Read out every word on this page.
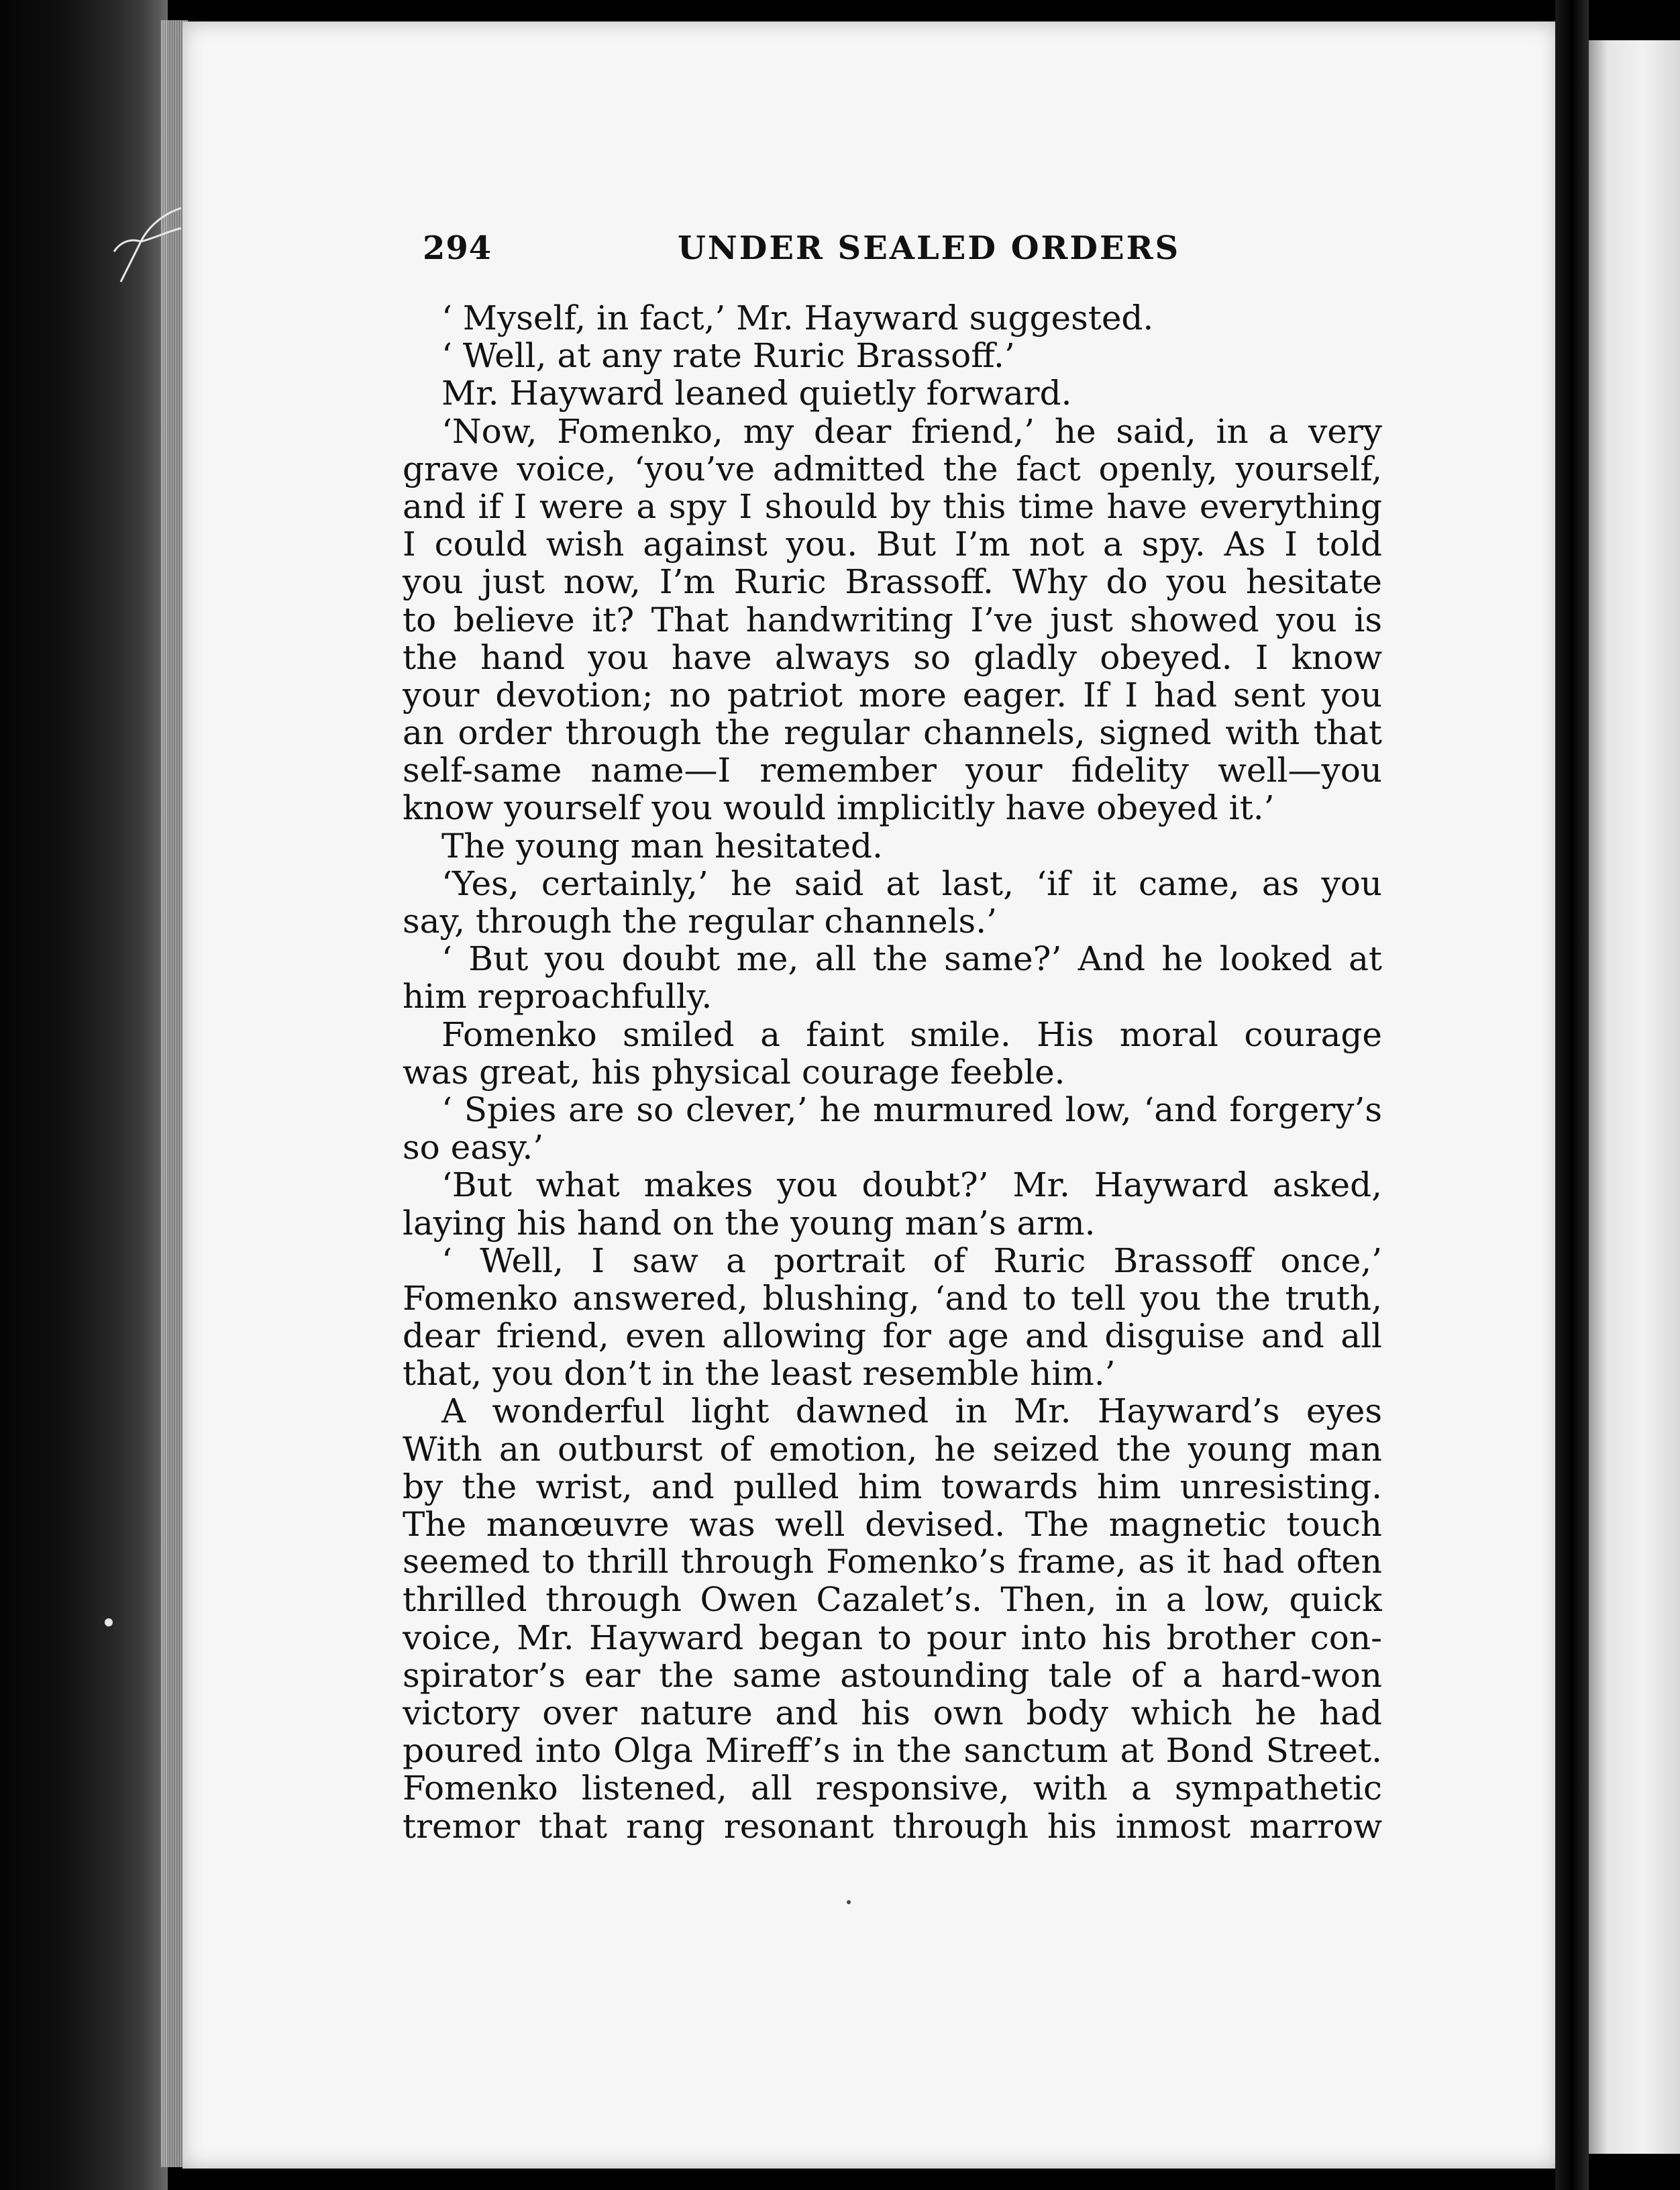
294	UNDER SEALED ORDERS
‘ Myself, in fact,’ Mr. Hayward suggested.
‘ Well, at any rate Ruric Brassoff.’
Mr. Hayward leaned quietly forward.
‘Now, Fomenko, my dear friend,’ he said, in a very
grave voice, ‘you’ve admitted the fact openly, yourself,
and if I were a spy I should by this time have everything
I could wish against you. But I’m not a spy. As I told
you just now, I’m Ruric Brassoff. Why do you hesitate
to believe it? That handwriting I’ve just showed you is
the hand you have always so gladly obeyed. I know
your devotion; no patriot more eager. If I had sent you
an order through the regular channels, signed with that
self-same name—I remember your fidelity well—you
know yourself you would implicitly have obeyed it.’
The young man hesitated.
‘Yes, certainly,’ he said at last, ‘if it came, as you
say, through the regular channels.’
‘ But you doubt me, all the same?’ And he looked at
him reproachfully.
Fomenko smiled a faint smile. His moral courage
was great, his physical courage feeble.
‘ Spies are so clever,’ he murmured low, ‘and forgery’s
so easy.’
‘But what makes you doubt?’ Mr. Hayward asked,
laying his hand on the young man’s arm.
‘ Well, I saw a portrait of Ruric Brassoff once,’
Fomenko answered, blushing, ‘and to tell you the truth,
dear friend, even allowing for age and disguise and all
that, you don’t in the least resemble him.’
A wonderful light dawned in Mr. Hayward’s eyes
With an outburst of emotion, he seized the young man
by the wrist, and pulled him towards him unresisting.
The manœuvre was well devised. The magnetic touch
seemed to thrill through Fomenko’s frame, as it had often
thrilled through Owen Cazalet’s. Then, in a low, quick
voice, Mr. Hayward began to pour into his brother con-
spirator’s ear the same astounding tale of a hard-won
victory over nature and his own body which he had
poured into Olga Mireff’s in the sanctum at Bond Street.
Fomenko listened, all responsive, with a sympathetic
tremor that rang resonant through his inmost marrow
